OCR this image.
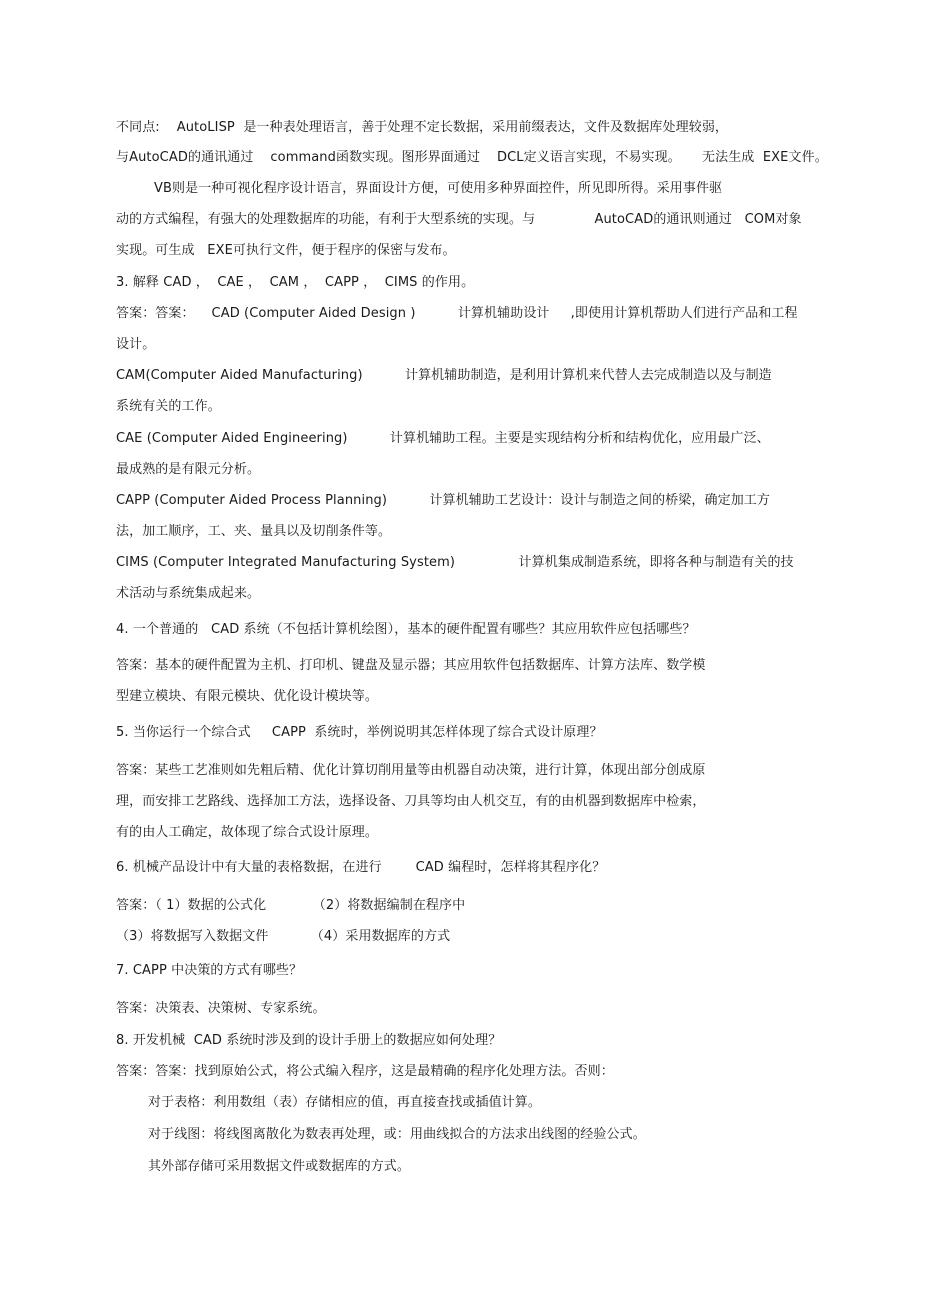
不同点:    AutoLISP  是一种表处理语言，善于处理不定长数据，采用前缀表达，文件及数据库处理较弱，
与AutoCAD的通讯通过    command函数实现。图形界面通过    DCL定义语言实现，不易实现。     无法生成  EXE文件。
VB则是一种可视化程序设计语言，界面设计方便，可使用多种界面控件，所见即所得。采用事件驱
动的方式编程，有强大的处理数据库的功能，有利于大型系统的实现。与              AutoCAD的通讯则通过   COM对象
实现。可生成   EXE可执行文件，便于程序的保密与发布。
3. 解释 CAD ，  CAE ，  CAM ，  CAPP ，  CIMS 的作用。
答案：答案：    CAD (Computer Aided Design )          计算机辅助设计     ,即使用计算机帮助人们进行产品和工程
设计。
CAM(Computer Aided Manufacturing)          计算机辅助制造，是利用计算机来代替人去完成制造以及与制造
系统有关的工作。
CAE (Computer Aided Engineering)          计算机辅助工程。主要是实现结构分析和结构优化，应用最广泛、
最成熟的是有限元分析。
CAPP (Computer Aided Process Planning)          计算机辅助工艺设计：设计与制造之间的桥梁，确定加工方
法，加工顺序，工、夹、量具以及切削条件等。
CIMS (Computer Integrated Manufacturing System)               计算机集成制造系统，即将各种与制造有关的技
术活动与系统集成起来。
4. 一个普通的   CAD 系统（不包括计算机绘图），基本的硬件配置有哪些？其应用软件应包括哪些？
答案：基本的硬件配置为主机、打印机、键盘及显示器；其应用软件包括数据库、计算方法库、数学模
型建立模块、有限元模块、优化设计模块等。
5. 当你运行一个综合式     CAPP  系统时，举例说明其怎样体现了综合式设计原理？
答案：某些工艺准则如先粗后精、优化计算切削用量等由机器自动决策，进行计算，体现出部分创成原
理，而安排工艺路线、选择加工方法，选择设备、刀具等均由人机交互，有的由机器到数据库中检索，
有的由人工确定，故体现了综合式设计原理。
6. 机械产品设计中有大量的表格数据，在进行        CAD 编程时，怎样将其程序化？
答案：（ 1）数据的公式化           （2）将数据编制在程序中
（3）将数据写入数据文件          （4）采用数据库的方式
7. CAPP 中决策的方式有哪些？
答案：决策表、决策树、专家系统。
8. 开发机械  CAD 系统时涉及到的设计手册上的数据应如何处理？
答案：答案：找到原始公式，将公式编入程序，这是最精确的程序化处理方法。否则：
对于表格：利用数组（表）存储相应的值，再直接查找或插值计算。
对于线图：将线图离散化为数表再处理，或：用曲线拟合的方法求出线图的经验公式。
其外部存储可采用数据文件或数据库的方式。
